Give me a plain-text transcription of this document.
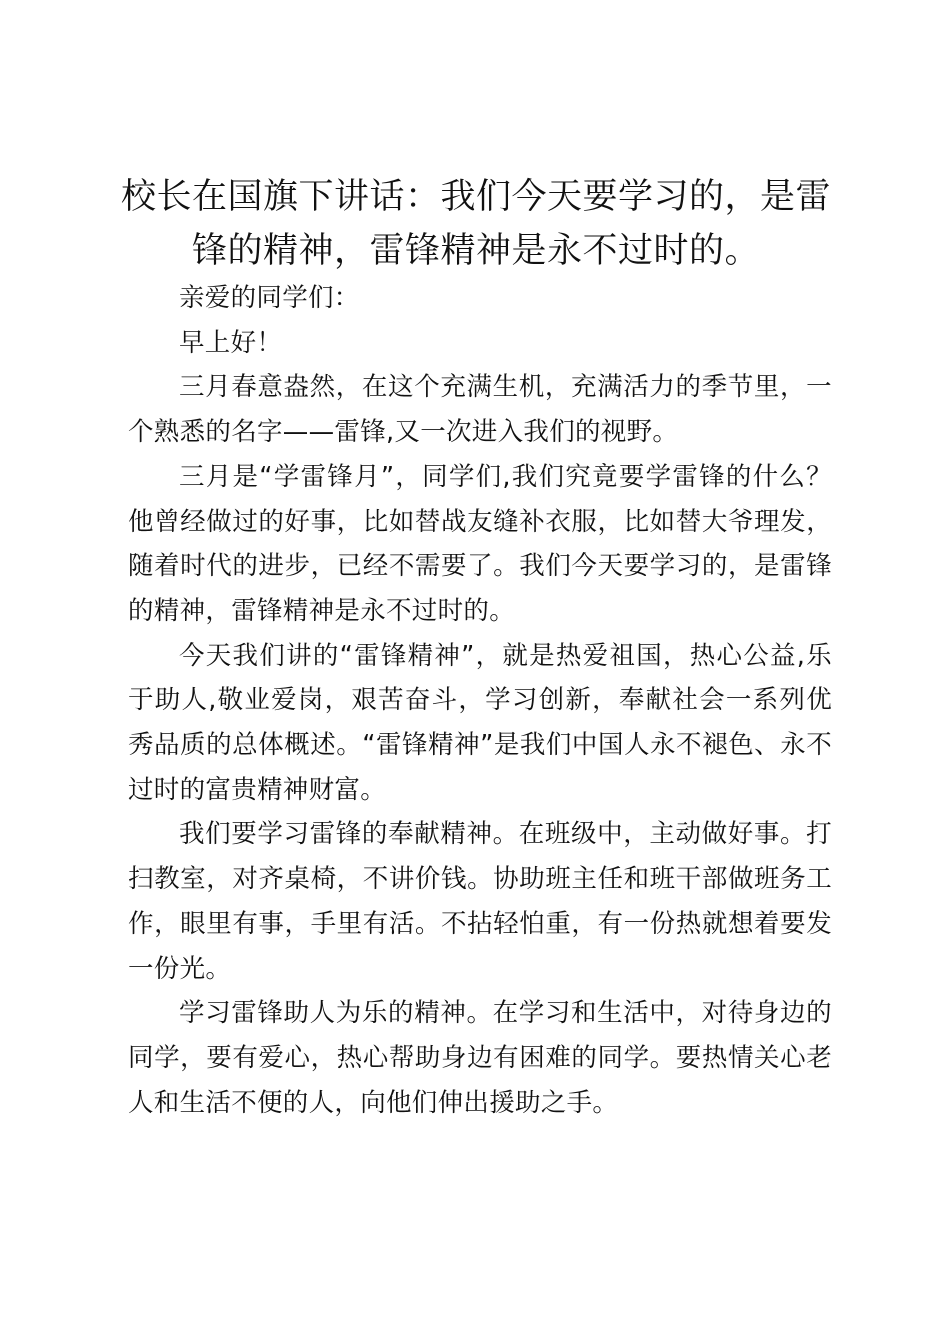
校长在国旗下讲话：我们今天要学习的，是雷锋的精神，雷锋精神是永不过时的。

亲爱的同学们：

早上好！

三月春意盎然，在这个充满生机，充满活力的季节里，一个熟悉的名字——雷锋,又一次进入我们的视野。

三月是“学雷锋月”，同学们,我们究竟要学雷锋的什么？他曾经做过的好事，比如替战友缝补衣服，比如替大爷理发，随着时代的进步，已经不需要了。我们今天要学习的，是雷锋的精神，雷锋精神是永不过时的。

今天我们讲的“雷锋精神”，就是热爱祖国，热心公益,乐于助人,敬业爱岗，艰苦奋斗，学习创新，奉献社会一系列优秀品质的总体概述。“雷锋精神”是我们中国人永不褪色、永不过时的富贵精神财富。

我们要学习雷锋的奉献精神。在班级中，主动做好事。打扫教室，对齐桌椅，不讲价钱。协助班主任和班干部做班务工作，眼里有事，手里有活。不拈轻怕重，有一份热就想着要发一份光。

学习雷锋助人为乐的精神。在学习和生活中，对待身边的同学，要有爱心，热心帮助身边有困难的同学。要热情关心老人和生活不便的人，向他们伸出援助之手。
